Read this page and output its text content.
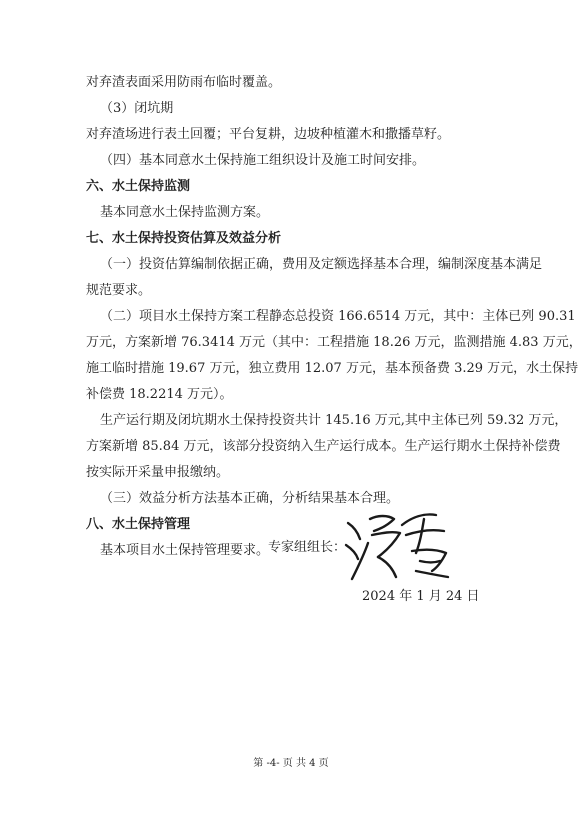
对弃渣表面采用防雨布临时覆盖。
（3）闭坑期
对弃渣场进行表土回覆；平台复耕，边坡种植灌木和撒播草籽。
（四）基本同意水土保持施工组织设计及施工时间安排。
六、水土保持监测
基本同意水土保持监测方案。
七、水土保持投资估算及效益分析
（一）投资估算编制依据正确，费用及定额选择基本合理，编制深度基本满足
规范要求。
（二）项目水土保持方案工程静态总投资 166.6514 万元，其中：主体已列 90.31
万元，方案新增 76.3414 万元（其中：工程措施 18.26 万元，监测措施 4.83 万元，
施工临时措施 19.67 万元，独立费用 12.07 万元，基本预备费 3.29 万元，水土保持
补偿费 18.2214 万元）。
生产运行期及闭坑期水土保持投资共计 145.16 万元,其中主体已列 59.32 万元，
方案新增 85.84 万元，该部分投资纳入生产运行成本。生产运行期水土保持补偿费
按实际开采量申报缴纳。
（三）效益分析方法基本正确，分析结果基本合理。
八、水土保持管理
基本项目水土保持管理要求。
专家组组长：
2024 年 1 月 24 日
第 -4- 页 共 4 页
